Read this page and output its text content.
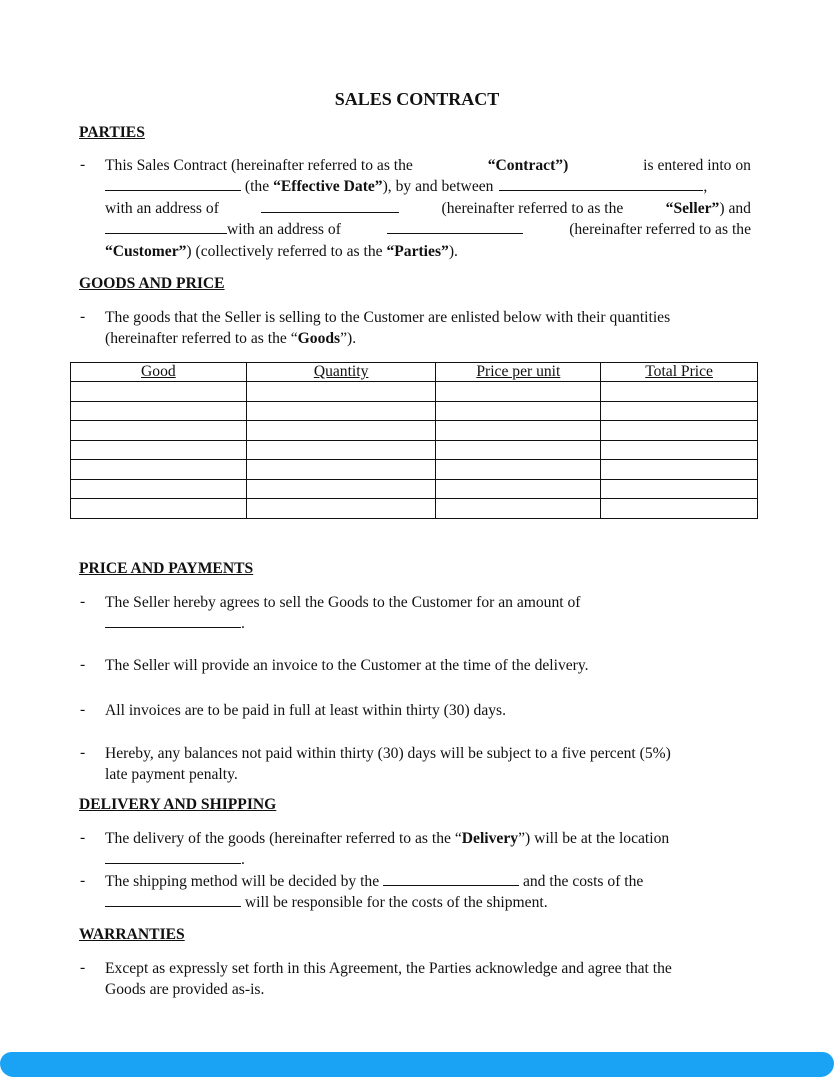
SALES CONTRACT
PARTIES
- This Sales Contract (hereinafter referred to as the	“Contract”)	is entered into on
(the “Effective Date”), by and between	,
with an address of	(hereinafter referred to as the	“Seller”) and
with an address of	(hereinafter referred to as the
“Customer”) (collectively referred to as the “Parties”).
GOODS AND PRICE
- The goods that the Seller is selling to the Customer are enlisted below with their quantities
(hereinafter referred to as the “Goods”).
Good	Quantity	Price per unit	Total Price

PRICE AND PAYMENTS
- The Seller hereby agrees to sell the Goods to the Customer for an amount of
.
- The Seller will provide an invoice to the Customer at the time of the delivery.
- All invoices are to be paid in full at least within thirty (30) days.
- Hereby, any balances not paid within thirty (30) days will be subject to a five percent (5%)
late payment penalty.
DELIVERY AND SHIPPING
- The delivery of the goods (hereinafter referred to as the “Delivery”) will be at the location
.
- The shipping method will be decided by the	and the costs of the
will be responsible for the costs of the shipment.
WARRANTIES
- Except as expressly set forth in this Agreement, the Parties acknowledge and agree that the
Goods are provided as-is.
